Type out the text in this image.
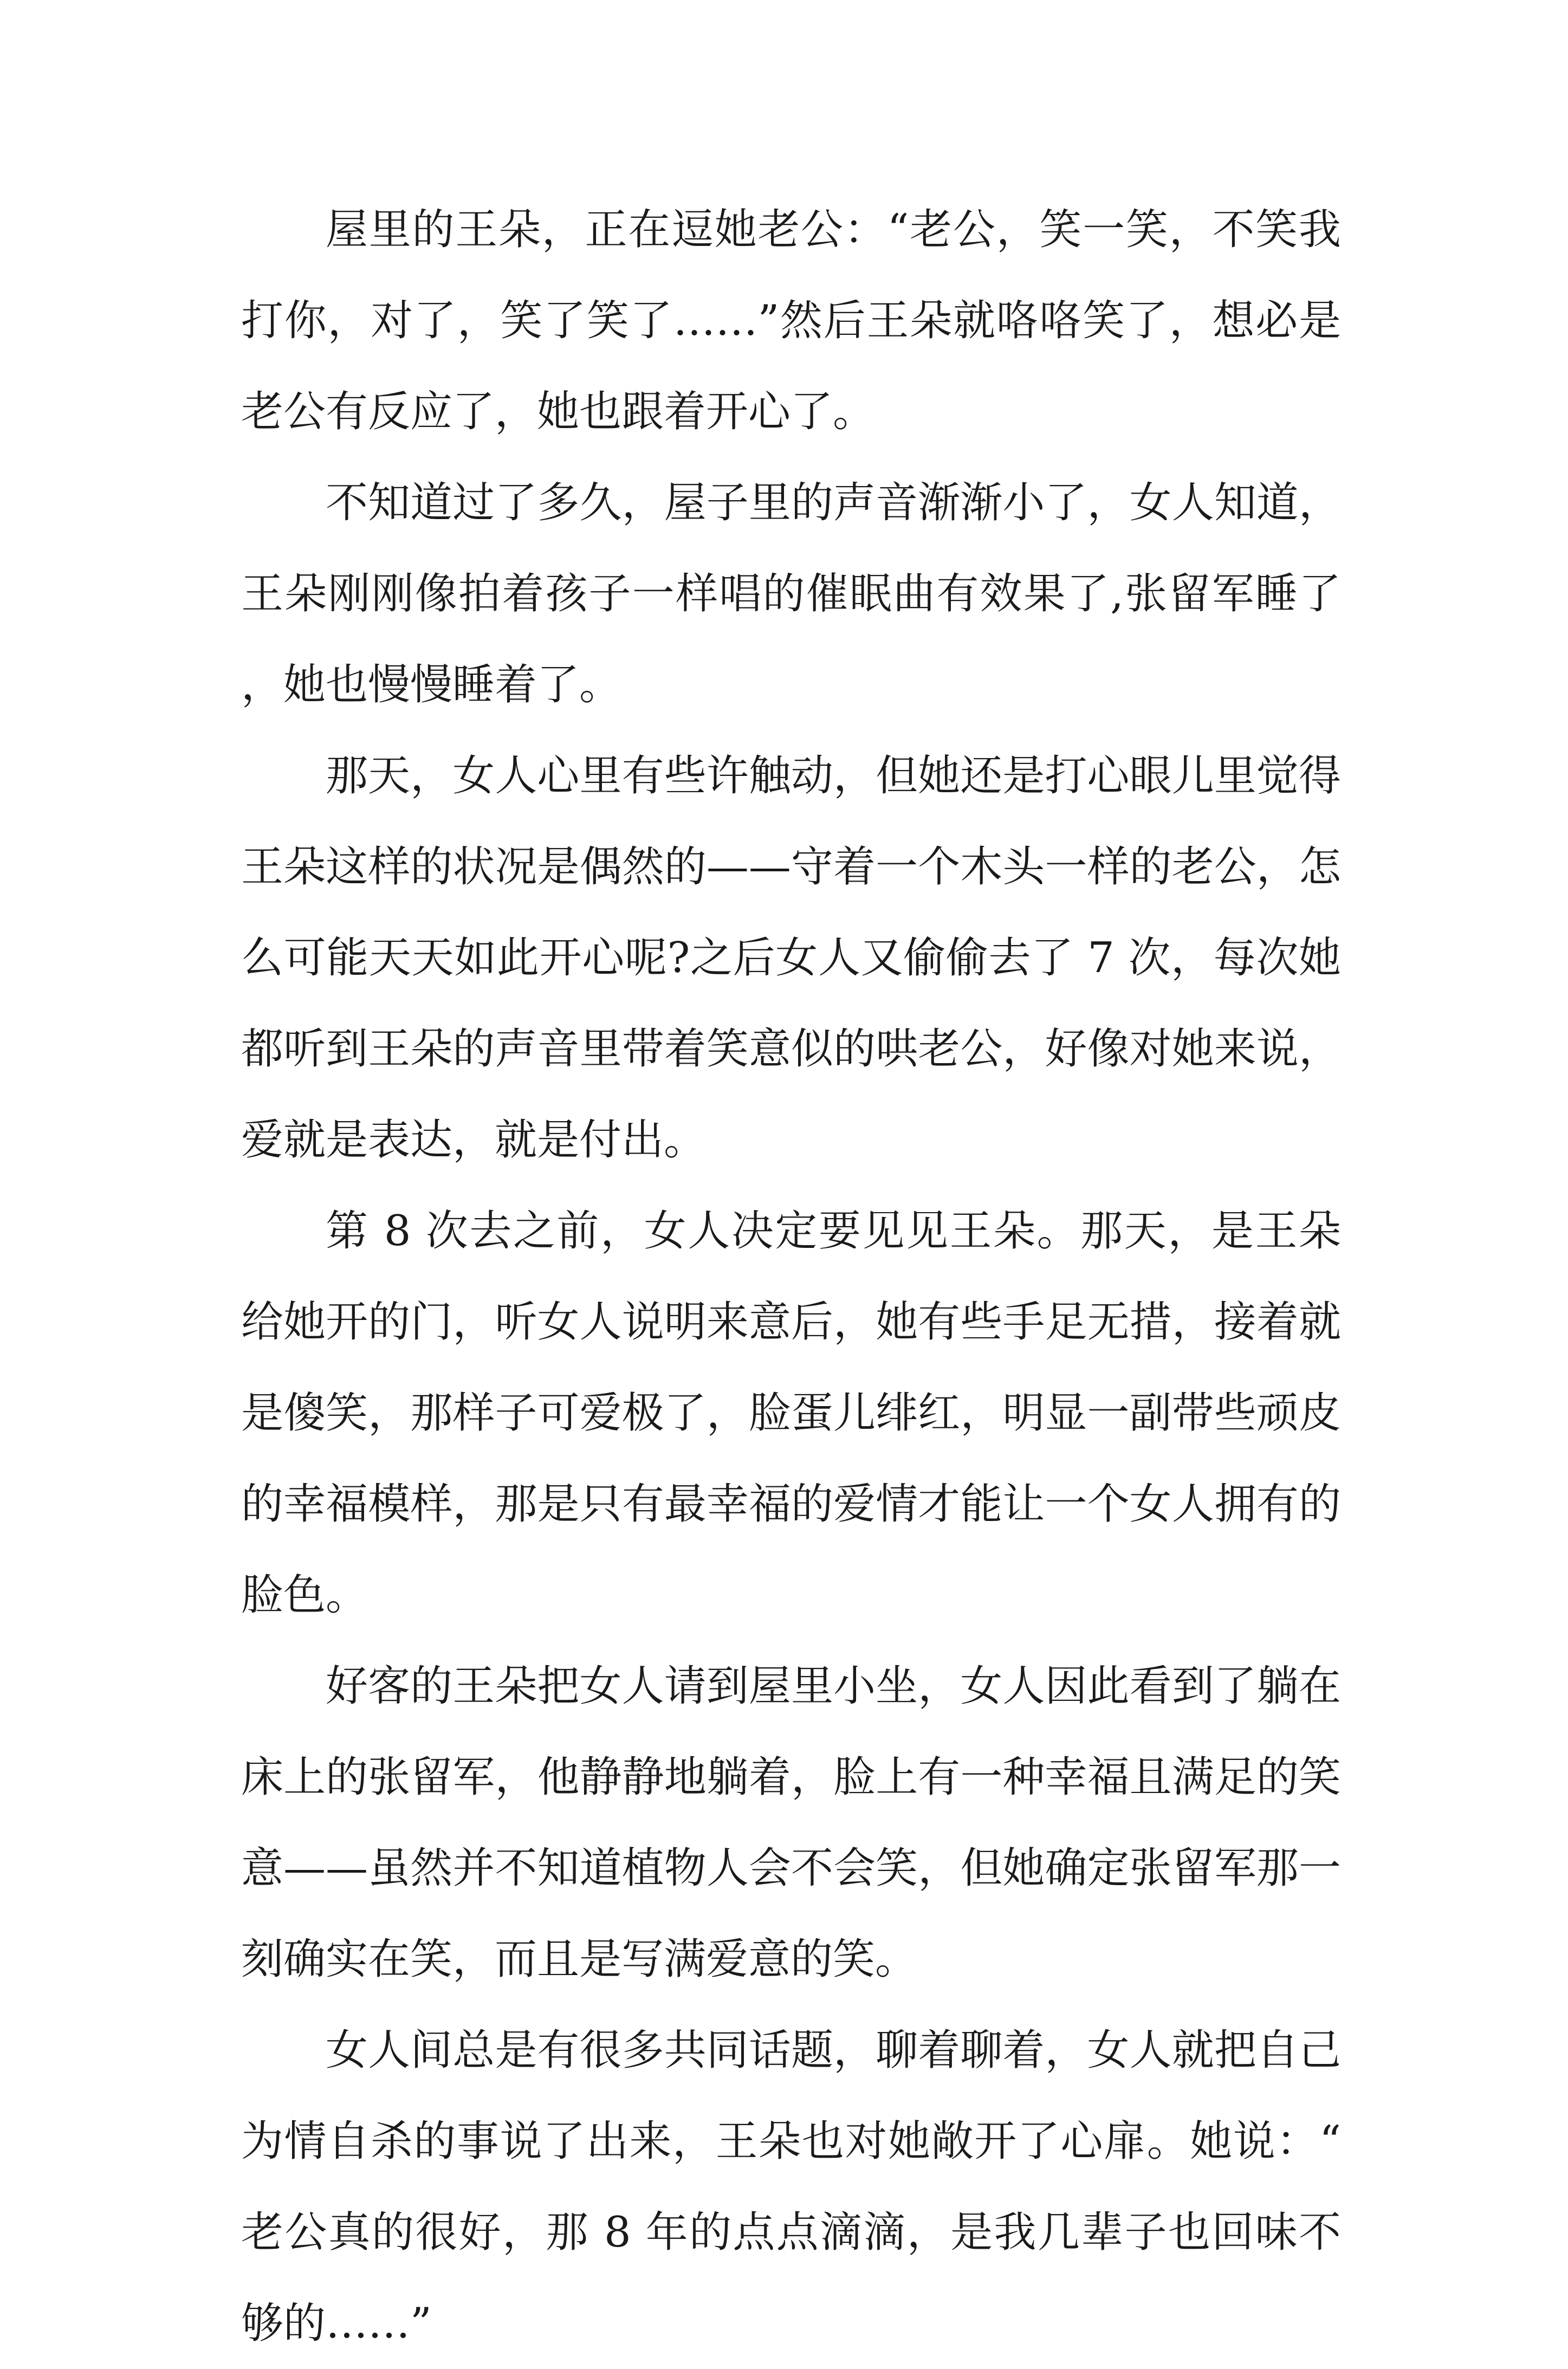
屋里的王朵，正在逗她老公：“老公，笑一笑，不笑我打你，对了，笑了笑了……”然后王朵就咯咯笑了，想必是老公有反应了，她也跟着开心了。

不知道过了多久，屋子里的声音渐渐小了，女人知道，王朵刚刚像拍着孩子一样唱的催眠曲有效果了,张留军睡了，她也慢慢睡着了。

那天，女人心里有些许触动，但她还是打心眼儿里觉得王朵这样的状况是偶然的——守着一个木头一样的老公，怎么可能天天如此开心呢?之后女人又偷偷去了 7 次，每次她都听到王朵的声音里带着笑意似的哄老公，好像对她来说，爱就是表达，就是付出。

第 8 次去之前，女人决定要见见王朵。那天，是王朵给她开的门，听女人说明来意后，她有些手足无措，接着就是傻笑，那样子可爱极了，脸蛋儿绯红，明显一副带些顽皮的幸福模样，那是只有最幸福的爱情才能让一个女人拥有的脸色。

好客的王朵把女人请到屋里小坐，女人因此看到了躺在床上的张留军，他静静地躺着，脸上有一种幸福且满足的笑意——虽然并不知道植物人会不会笑，但她确定张留军那一刻确实在笑，而且是写满爱意的笑。

女人间总是有很多共同话题，聊着聊着，女人就把自己为情自杀的事说了出来，王朵也对她敞开了心扉。她说：“老公真的很好，那 8 年的点点滴滴，是我几辈子也回味不够的……”
